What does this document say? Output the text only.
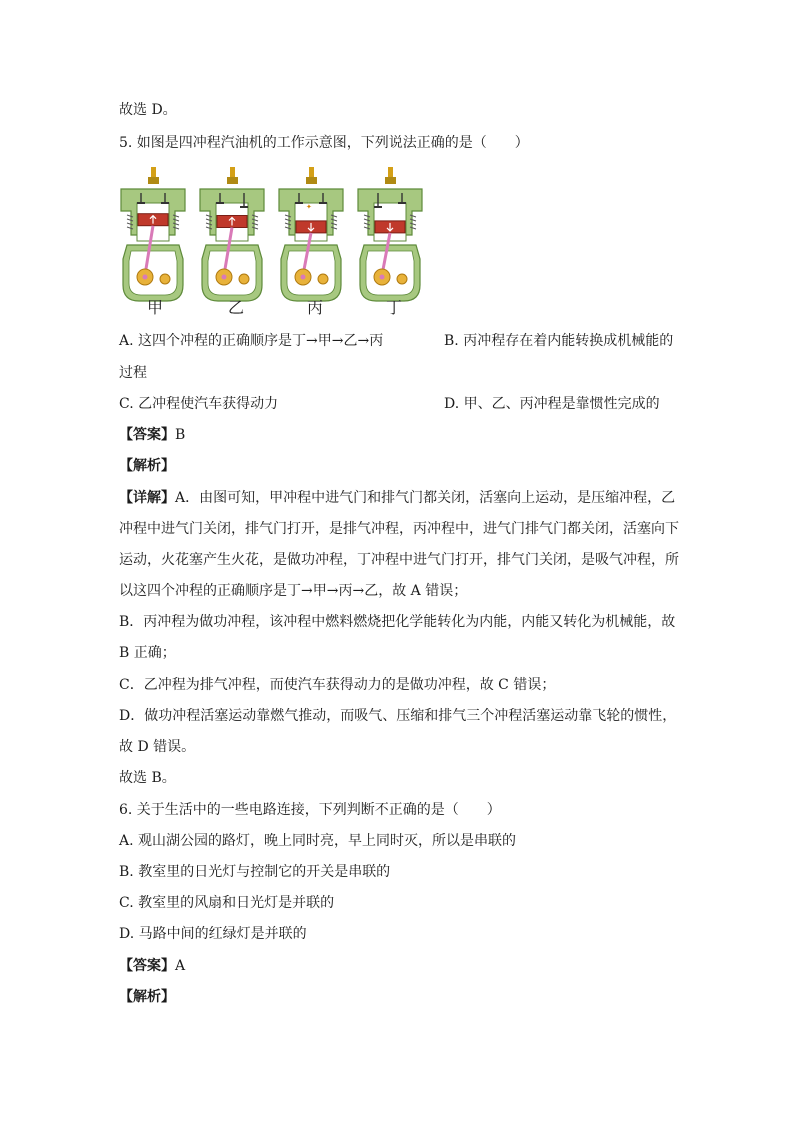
故选 D。
5. 如图是四冲程汽油机的工作示意图，下列说法正确的是（　　）
✦
甲	乙	丙	丁
A. 这四个冲程的正确顺序是丁→甲→乙→丙	B. 丙冲程存在着内能转换成机械能的
过程
C. 乙冲程使汽车获得动力	D. 甲、乙、丙冲程是靠惯性完成的
【答案】B
【解析】
【详解】A．由图可知，甲冲程中进气门和排气门都关闭，活塞向上运动，是压缩冲程，乙
冲程中进气门关闭，排气门打开，是排气冲程，丙冲程中，进气门排气门都关闭，活塞向下
运动，火花塞产生火花，是做功冲程，丁冲程中进气门打开，排气门关闭，是吸气冲程，所
以这四个冲程的正确顺序是丁→甲→丙→乙，故 A 错误；
B．丙冲程为做功冲程，该冲程中燃料燃烧把化学能转化为内能，内能又转化为机械能，故
B 正确；
C．乙冲程为排气冲程，而使汽车获得动力的是做功冲程，故 C 错误；
D．做功冲程活塞运动靠燃气推动，而吸气、压缩和排气三个冲程活塞运动靠飞轮的惯性，
故 D 错误。
故选 B。
6. 关于生活中的一些电路连接，下列判断不正确的是（　　）
A. 观山湖公园的路灯，晚上同时亮，早上同时灭，所以是串联的
B. 教室里的日光灯与控制它的开关是串联的
C. 教室里的风扇和日光灯是并联的
D. 马路中间的红绿灯是并联的
【答案】A
【解析】
